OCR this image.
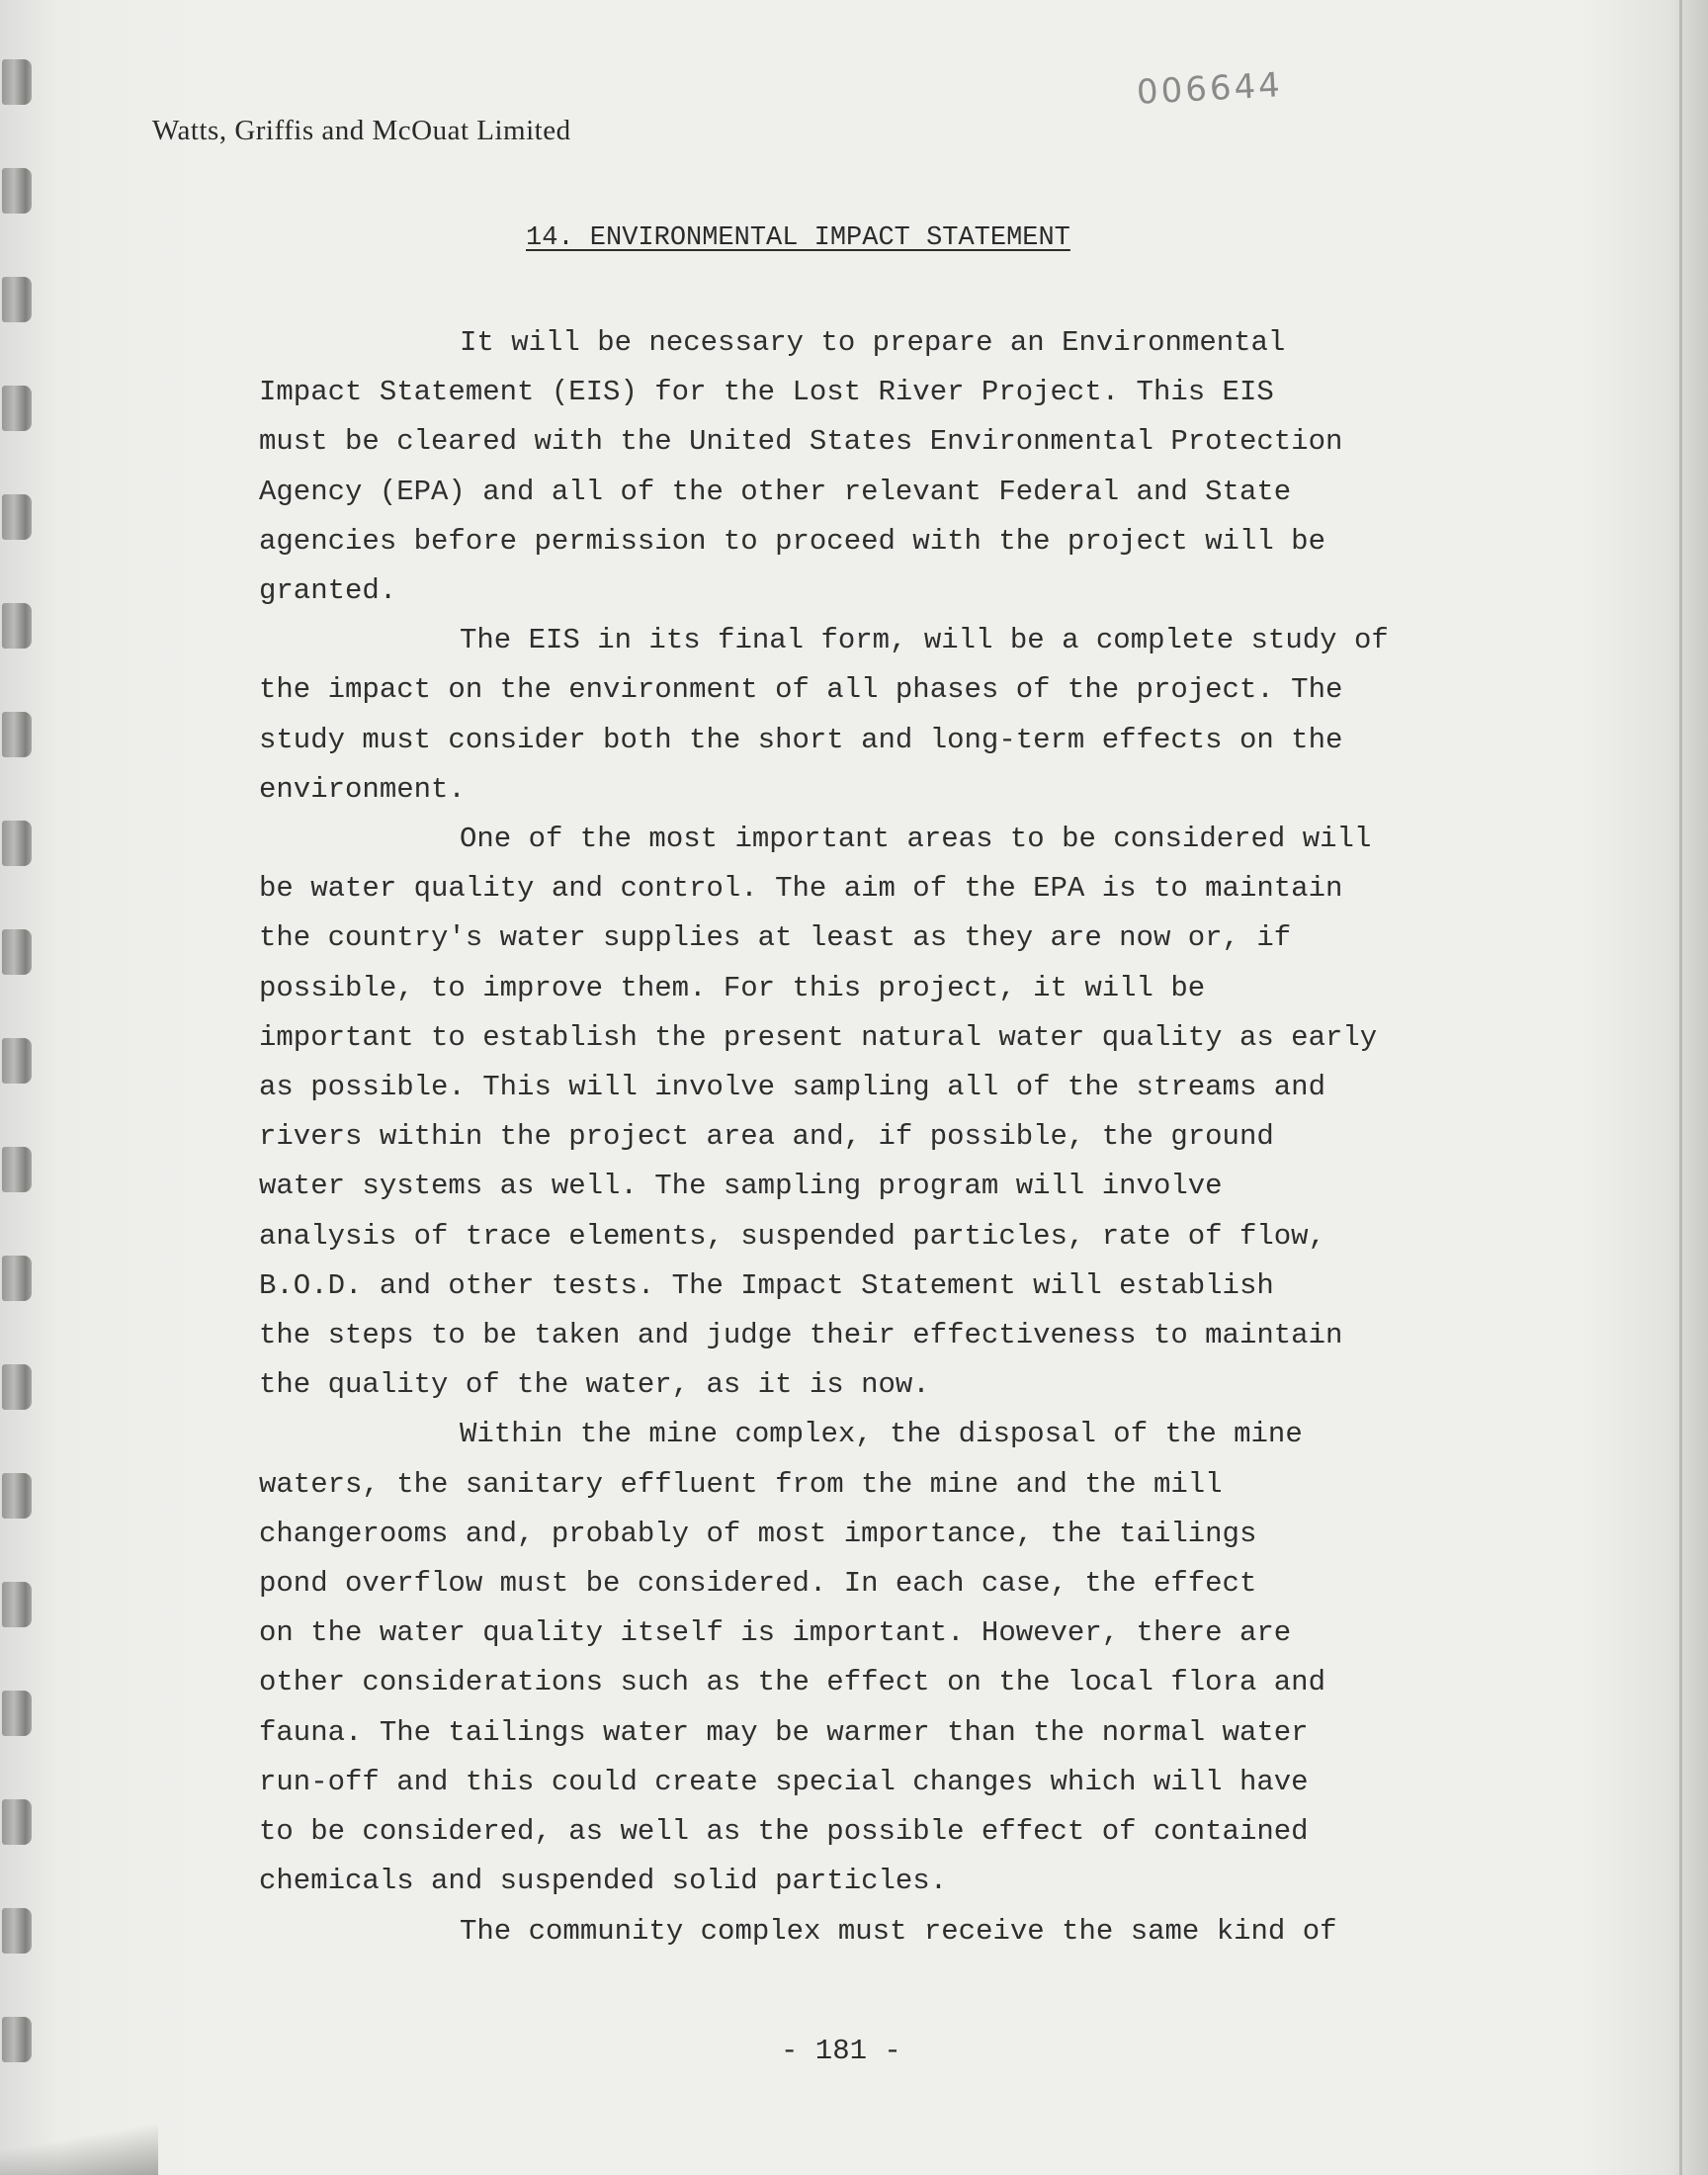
006644
Watts, Griffis and McOuat Limited
14. ENVIRONMENTAL IMPACT STATEMENT

It will be necessary to prepare an Environmental
Impact Statement (EIS) for the Lost River Project. This EIS
must be cleared with the United States Environmental Protection
Agency (EPA) and all of the other relevant Federal and State
agencies before permission to proceed with the project will be
granted.

The EIS in its final form, will be a complete study of
the impact on the environment of all phases of the project. The
study must consider both the short and long-term effects on the
environment.

One of the most important areas to be considered will
be water quality and control. The aim of the EPA is to maintain
the country's water supplies at least as they are now or, if
possible, to improve them. For this project, it will be
important to establish the present natural water quality as early
as possible. This will involve sampling all of the streams and
rivers within the project area and, if possible, the ground
water systems as well. The sampling program will involve
analysis of trace elements, suspended particles, rate of flow,
B.O.D. and other tests. The Impact Statement will establish
the steps to be taken and judge their effectiveness to maintain
the quality of the water, as it is now.

Within the mine complex, the disposal of the mine
waters, the sanitary effluent from the mine and the mill
changerooms and, probably of most importance, the tailings
pond overflow must be considered. In each case, the effect
on the water quality itself is important. However, there are
other considerations such as the effect on the local flora and
fauna. The tailings water may be warmer than the normal water
run-off and this could create special changes which will have
to be considered, as well as the possible effect of contained
chemicals and suspended solid particles.

The community complex must receive the same kind of

- 181 -
